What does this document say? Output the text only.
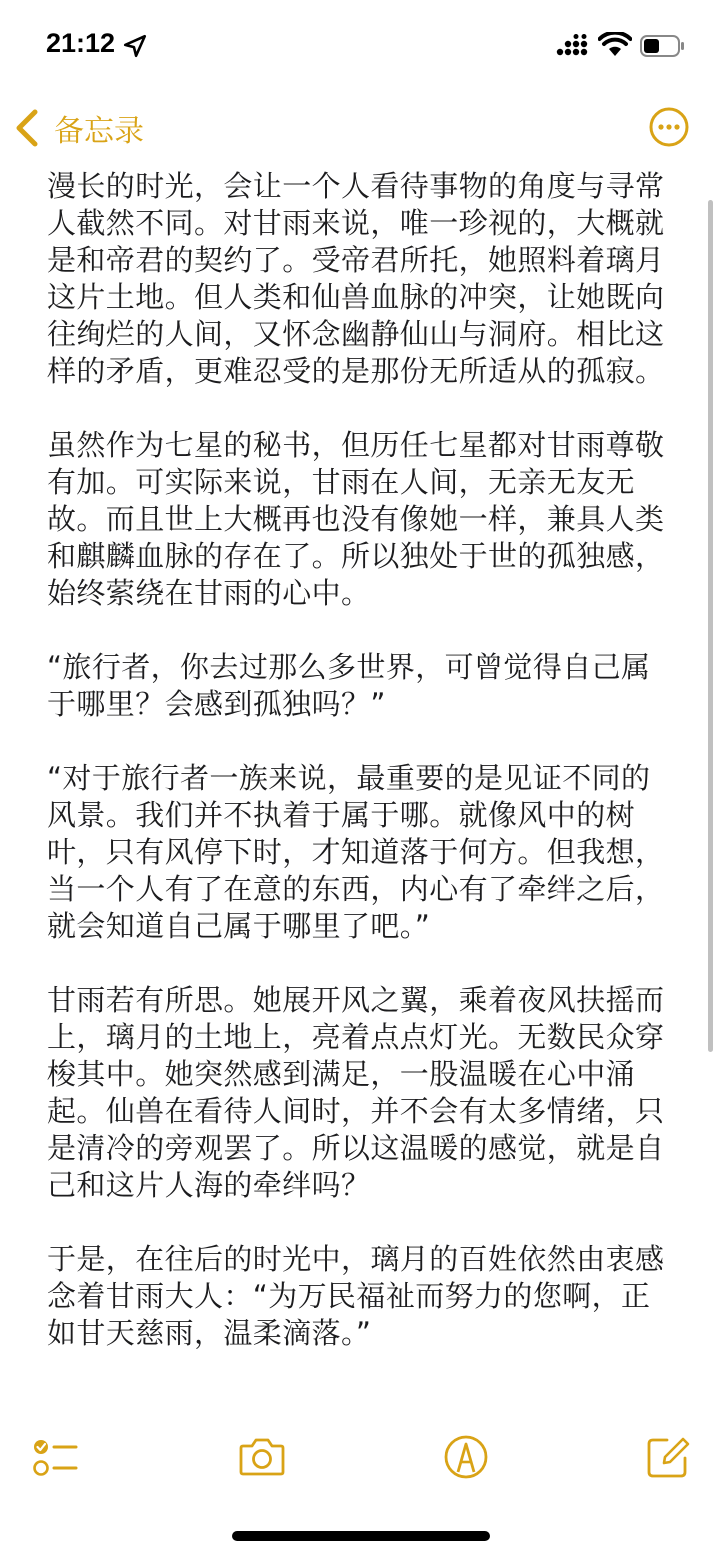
21:12
备忘录

漫长的时光，会让一个人看待事物的角度与寻常人截然不同。对甘雨来说，唯一珍视的，大概就是和帝君的契约了。受帝君所托，她照料着璃月这片土地。但人类和仙兽血脉的冲突，让她既向往绚烂的人间，又怀念幽静仙山与洞府。相比这样的矛盾，更难忍受的是那份无所适从的孤寂。

虽然作为七星的秘书，但历任七星都对甘雨尊敬有加。可实际来说，甘雨在人间，无亲无友无故。而且世上大概再也没有像她一样，兼具人类和麒麟血脉的存在了。所以独处于世的孤独感，始终萦绕在甘雨的心中。

“旅行者，你去过那么多世界，可曾觉得自己属于哪里？会感到孤独吗？”

“对于旅行者一族来说，最重要的是见证不同的风景。我们并不执着于属于哪。就像风中的树叶，只有风停下时，才知道落于何方。但我想，当一个人有了在意的东西，内心有了牵绊之后，就会知道自己属于哪里了吧。”

甘雨若有所思。她展开风之翼，乘着夜风扶摇而上，璃月的土地上，亮着点点灯光。无数民众穿梭其中。她突然感到满足，一股温暖在心中涌起。仙兽在看待人间时，并不会有太多情绪，只是清冷的旁观罢了。所以这温暖的感觉，就是自己和这片人海的牵绊吗？

于是，在往后的时光中，璃月的百姓依然由衷感念着甘雨大人：“为万民福祉而努力的您啊，正如甘天慈雨，温柔滴落。”
